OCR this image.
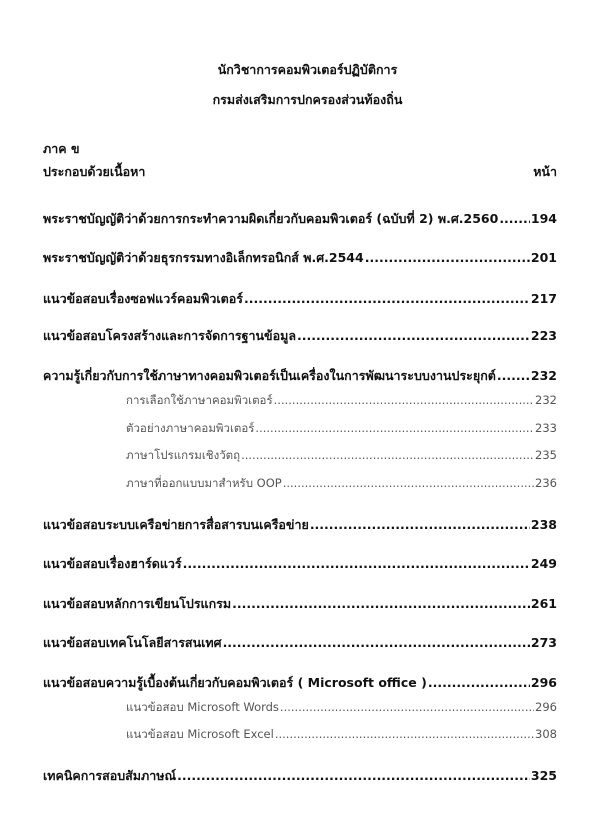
นักวิชาการคอมพิวเตอร์ปฏิบัติการ
กรมส่งเสริมการปกครองส่วนท้องถิ่น
ภาค ข
ประกอบด้วยเนื้อหา	หน้า
พระราชบัญญัติว่าด้วยการกระทำความผิดเกี่ยวกับคอมพิวเตอร์ (ฉบับที่ 2) พ.ศ.2560 .....	194
พระราชบัญญัติว่าด้วยธุรกรรมทางอิเล็กทรอนิกส์ พ.ศ.2544 .....	201
แนวข้อสอบเรื่องซอฟแวร์คอมพิวเตอร์ .....	217
แนวข้อสอบโครงสร้างและการจัดการฐานข้อมูล .....	223
ความรู้เกี่ยวกับการใช้ภาษาทางคอมพิวเตอร์เป็นเครื่องในการพัฒนาระบบงานประยุกต์ .....	232
การเลือกใช้ภาษาคอมพิวเตอร์ .....	232
ตัวอย่างภาษาคอมพิวเตอร์ .....	233
ภาษาโปรแกรมเชิงวัตถุ .....	235
ภาษาที่ออกแบบมาสำหรับ OOP .....	236
แนวข้อสอบระบบเครือข่ายการสื่อสารบนเครือข่าย .....	238
แนวข้อสอบเรื่องฮาร์ดแวร์ .....	249
แนวข้อสอบหลักการเขียนโปรแกรม .....	261
แนวข้อสอบเทคโนโลยีสารสนเทศ .....	273
แนวข้อสอบความรู้เบื้องต้นเกี่ยวกับคอมพิวเตอร์ ( Microsoft office ) .....	296
แนวข้อสอบ Microsoft Words .....	296
แนวข้อสอบ Microsoft Excel .....	308
เทคนิคการสอบสัมภาษณ์ .....	325
